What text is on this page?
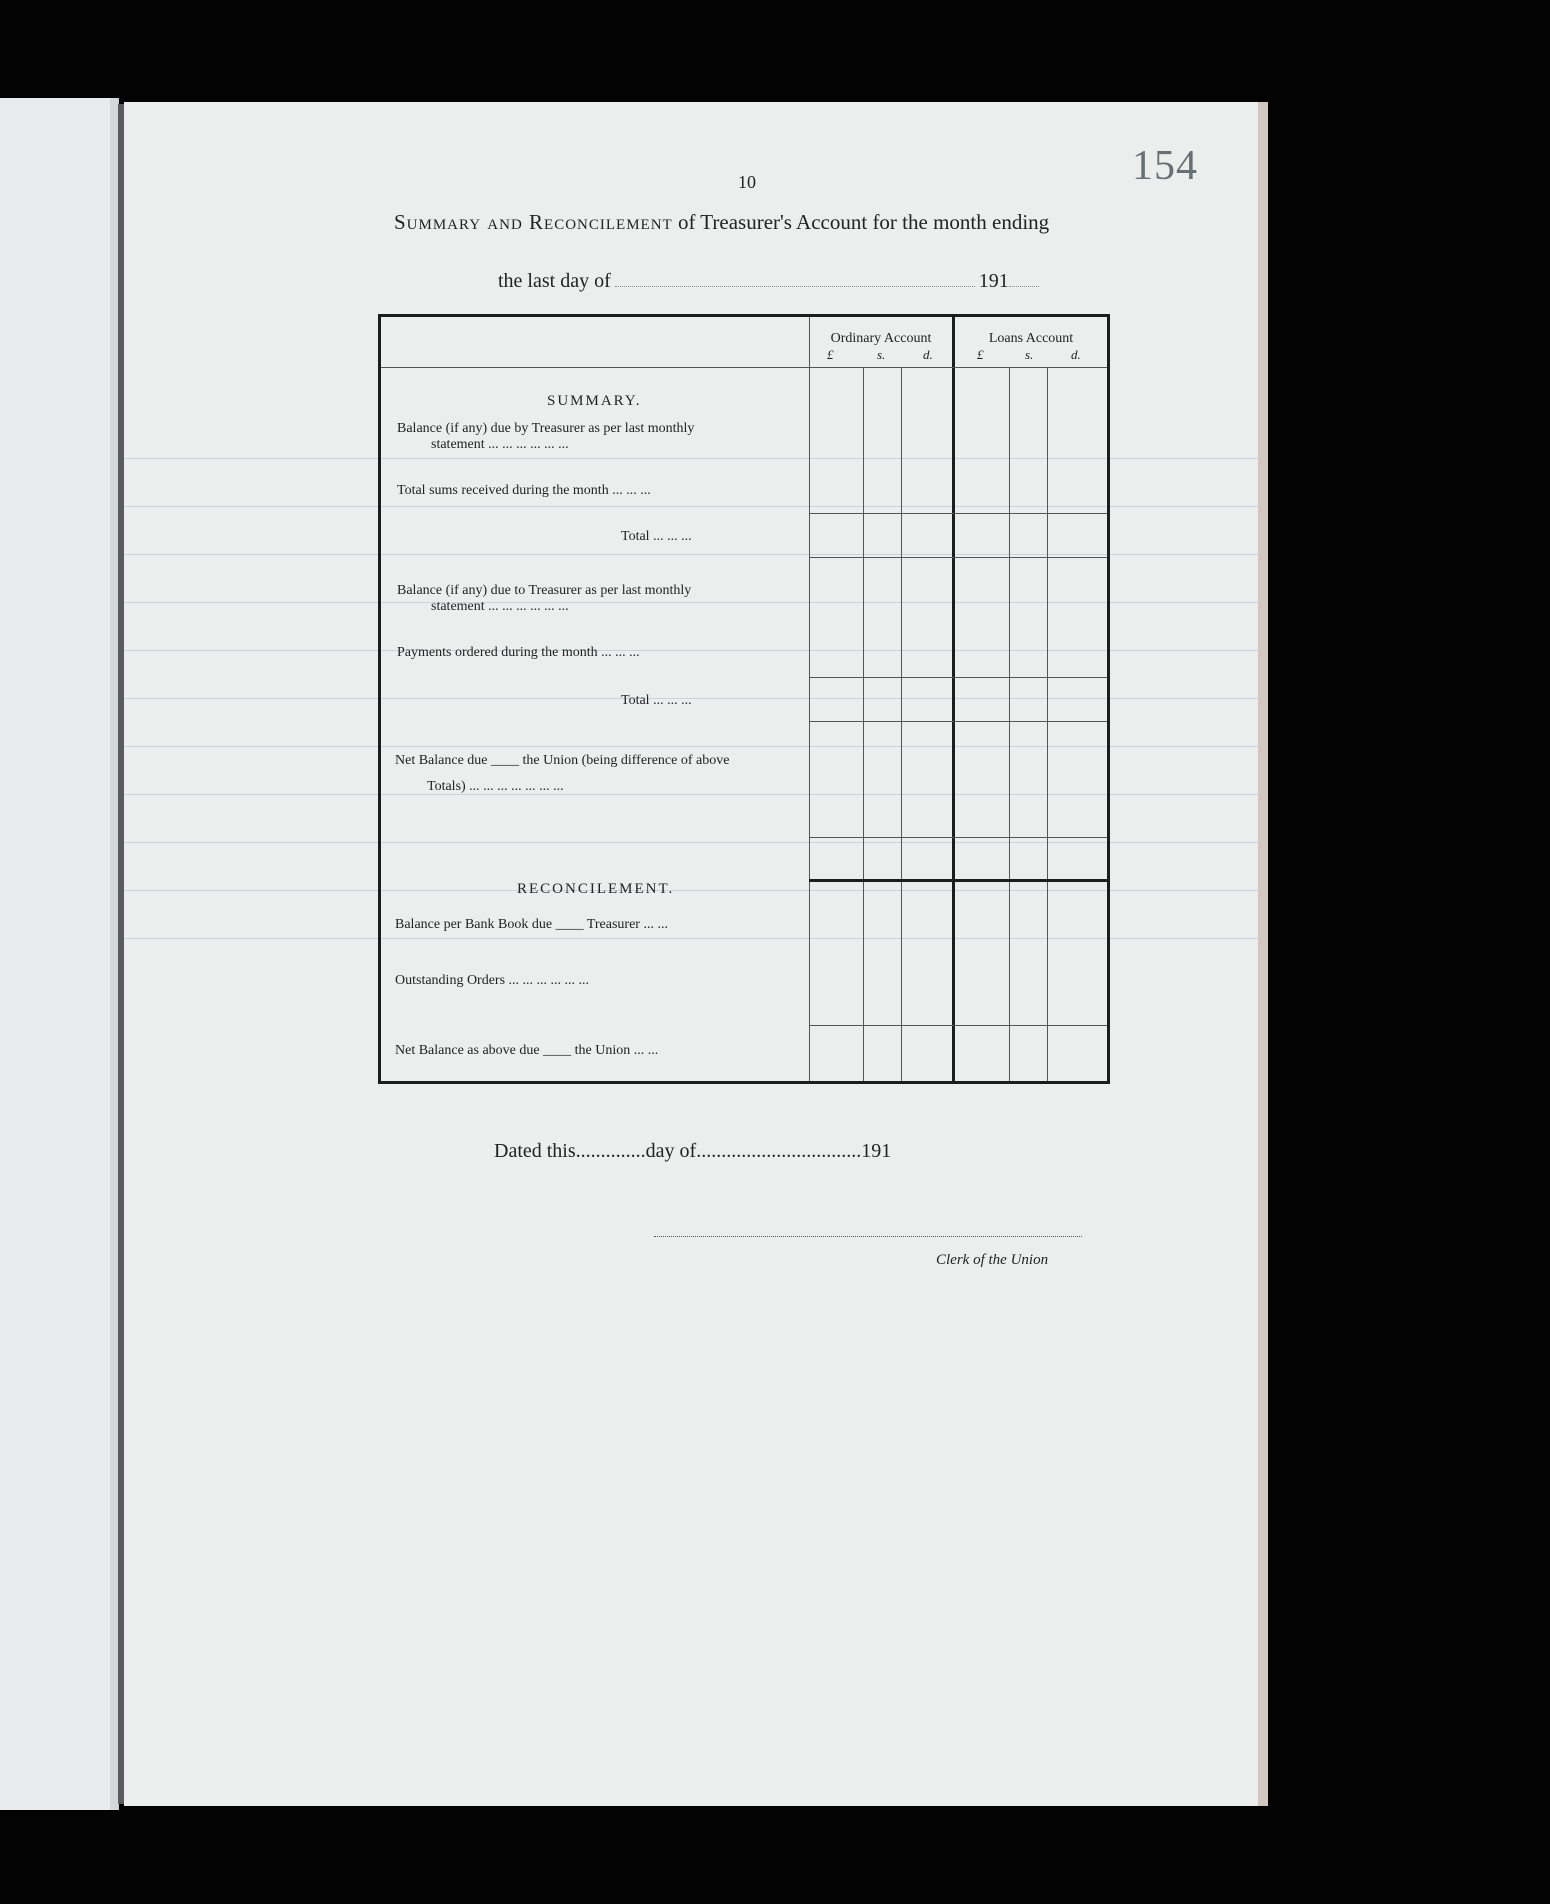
154
10
Summary and Reconcilement of Treasurer's Account for the month ending
the last day of	191
Ordinary Account
£	s.	d.
Loans Account
£	s.	d.
SUMMARY.
Balance (if any) due by Treasurer as per last monthly
statement ... ... ... ... ... ...
Total sums received during the month ... ... ...
Total ... ... ...
Balance (if any) due to Treasurer as per last monthly
statement ... ... ... ... ... ...
Payments ordered during the month ... ... ...
Total ... ... ...
Net Balance due ____ the Union (being difference of above
Totals) ... ... ... ... ... ... ...
RECONCILEMENT.
Balance per Bank Book due ____ Treasurer ... ...
Outstanding Orders ... ... ... ... ... ...
Net Balance as above due ____ the Union ... ...
Dated this..............day of.................................191
Clerk of the Union
